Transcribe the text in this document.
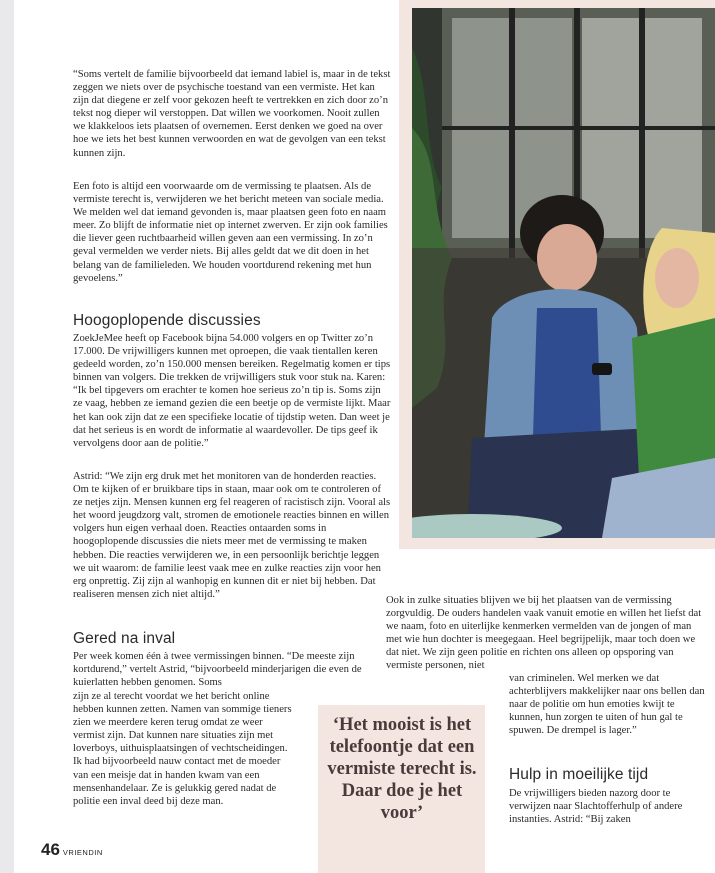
“Soms vertelt de familie bijvoorbeeld dat iemand labiel is, maar in de tekst zeggen we niets over de psychische toestand van een vermiste. Het kan zijn dat diegene er zelf voor gekozen heeft te vertrekken en zich door zo’n tekst nog dieper wil verstoppen. Dat willen we voorkomen. Nooit zullen we klakkeloos iets plaatsen of overnemen. Eerst denken we goed na over hoe we iets het best kunnen verwoorden en wat de gevolgen van een tekst kunnen zijn.

Een foto is altijd een voorwaarde om de vermissing te plaatsen. Als de vermiste terecht is, verwijderen we het bericht meteen van sociale media. We melden wel dat iemand gevonden is, maar plaatsen geen foto en naam meer. Zo blijft de informatie niet op internet zwerven. Er zijn ook families die liever geen ruchtbaarheid willen geven aan een vermissing. In zo’n geval vermelden we verder niets. Bij alles geldt dat we dit doen in het belang van de familieleden. We houden voortdurend rekening met hun gevoelens.”

Hoogoplopende discussies

ZoekJeMee heeft op Facebook bijna 54.000 volgers en op Twitter zo’n 17.000. De vrijwilligers kunnen met oproepen, die vaak tientallen keren gedeeld worden, zo’n 150.000 mensen bereiken. Regelmatig komen er tips binnen van volgers. Die trekken de vrijwilligers stuk voor stuk na. Karen: “Ik bel tipgevers om erachter te komen hoe serieus zo’n tip is. Soms zijn ze vaag, hebben ze iemand gezien die een beetje op de vermiste lijkt. Maar het kan ook zijn dat ze een specifieke locatie of tijdstip weten. Dan weet je dat het serieus is en wordt de informatie al waardevoller. De tips geef ik vervolgens door aan de politie.”

Astrid: “We zijn erg druk met het monitoren van de honderden reacties. Om te kijken of er bruikbare tips in staan, maar ook om te controleren of ze netjes zijn. Mensen kunnen erg fel reageren of racistisch zijn. Vooral als het woord jeugdzorg valt, stromen de emotionele reacties binnen en willen volgers hun eigen verhaal doen. Reacties ontaarden soms in hoogoplopende discussies die niets meer met de vermissing te maken hebben. Die reacties verwijderen we, in een persoonlijk berichtje leggen we uit waarom: de familie leest vaak mee en zulke reacties zijn voor hen erg onprettig. Zij zijn al wanhopig en kunnen dit er niet bij hebben. Dat realiseren mensen zich niet altijd.”

Gered na inval

Per week komen één à twee vermissingen binnen. “De meeste zijn kortdurend,” vertelt Astrid, “bijvoorbeeld minderjarigen die even de kuierlatten hebben genomen. Soms

zijn ze al terecht voordat we het bericht online hebben kunnen zetten. Namen van sommige tieners zien we meerdere keren terug omdat ze weer vermist zijn. Dat kunnen nare situaties zijn met loverboys, uithuisplaatsingen of vechtscheidingen. Ik had bijvoorbeeld nauw contact met de moeder van een meisje dat in handen kwam van een mensenhandelaar. Ze is gelukkig gered nadat de politie een inval deed bij deze man.

‘Het mooist is het telefoontje dat een vermiste terecht is. Daar doe je het voor’

Ook in zulke situaties blijven we bij het plaatsen van de vermissing zorgvuldig. De ouders handelen vaak vanuit emotie en willen het liefst dat we naam, foto en uiterlijke kenmerken vermelden van de jongen of man met wie hun dochter is meegegaan. Heel begrijpelijk, maar toch doen we dat niet. We zijn geen politie en richten ons alleen op opsporing van vermiste personen, niet

van criminelen. Wel merken we dat achterblijvers makkelijker naar ons bellen dan naar de politie om hun emoties kwijt te kunnen, hun zorgen te uiten of hun gal te spuwen. De drempel is lager.”

Hulp in moeilijke tijd

De vrijwilligers bieden nazorg door te verwijzen naar Slachtofferhulp of andere instanties. Astrid: “Bij zaken

46 VRIENDIN
